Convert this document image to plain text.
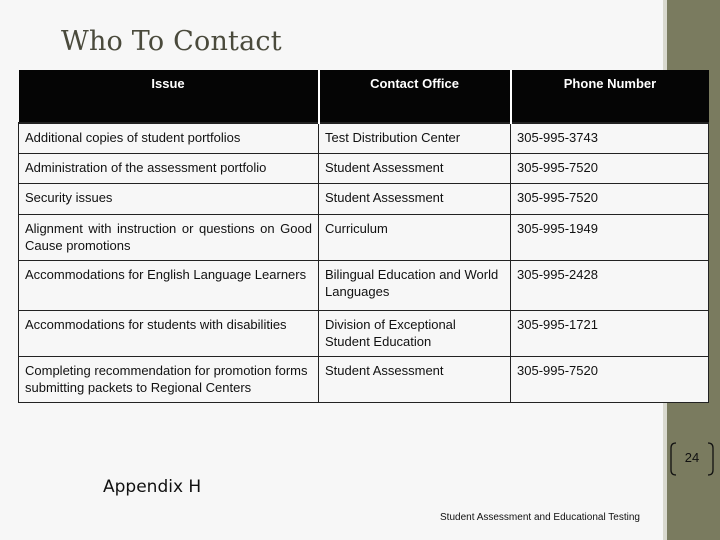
Who To Contact
Issue	Contact Office	Phone Number
Additional copies of student portfolios	Test Distribution Center	305-995‐3743
Administration of the assessment portfolio	Student Assessment	305-995‐7520
Security issues	Student Assessment	305-995-7520
Alignment with instruction or questions on Good Cause promotions	Curriculum	305-995-1949
Accommodations for English Language Learners	Bilingual Education and World Languages	305-995-2428
Accommodations for students with disabilities	Division of Exceptional Student Education	305-995‐1721
Completing recommendation for promotion forms submitting packets to Regional Centers	Student Assessment	305-995-7520
24
Appendix H
Student Assessment and Educational Testing
